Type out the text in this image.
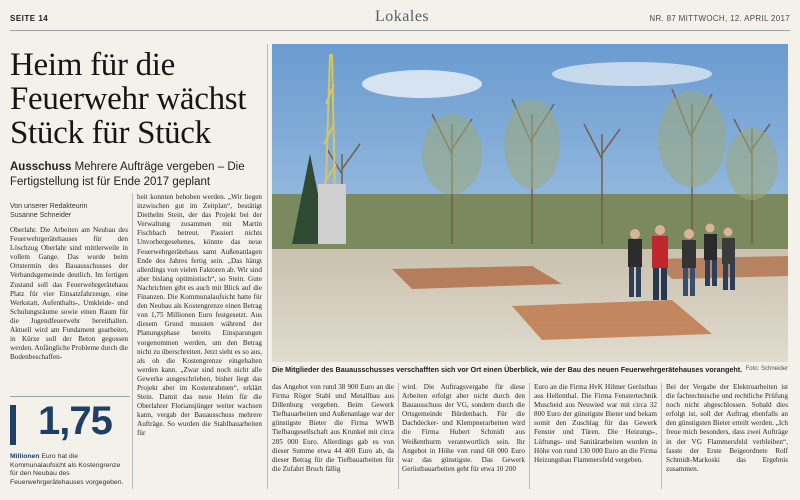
SEITE 14	Lokales	NR. 87 MITTWOCH, 12. APRIL 2017
Heim für die
Feuerwehr wächst
Stück für Stück
Ausschuss Mehrere Aufträge vergeben – Die Fertigstellung ist für Ende 2017 geplant
Von unserer Redakteurin
Susanne Schneider

Oberlahr. Die Arbeiten am Neubau des Feuerwehrgerätehauses für den Löschzug Oberlahr sind mittlerweile in vollem Gange. Das wurde beim Ortstermin des Bauausschusses der Verbandsgemeinde deutlich. Im fertigen Zustand soll das Feuerwehrgerätehaus Platz für vier Einsatzfahrzeuge, eine Werkstatt, Aufenthalts-, Umkleide- und Schulungsräume sowie einen Raum für die Jugendfeuerwehr bereithalten. Aktuell wird am Fundament gearbeitet, in Kürze soll der Beton gegossen werden. Anfängliche Probleme durch die Bodenbeschaffen-

heit konnten behoben werden. „Wir liegen inzwischen gut im Zeitplan“, bestätigt Diethelm Stein, der das Projekt bei der Verwaltung zusammen mit Martin Fischbach betreut. Passiert nichts Unvorhergesehenes, könnte das neue Feuerwehrgerätehaus samt Außenanlagen Ende des Jahres fertig sein. „Das hängt allerdings von vielen Faktoren ab. Wir sind aber bislang optimistisch“, so Stein. Gute Nachrichten gibt es auch mit Blick auf die Finanzen. Die Kommunalaufsicht hatte für den Neubau als Kostengrenze einen Betrag von 1,75 Millionen Euro festgesetzt. Aus diesem Grund mussten während der Planungsphase bereits Einsparungen vorgenommen werden, um den Betrag nicht zu überschreiten. Jetzt sieht es so aus, als ob die Kostengrenze eingehalten werden kann. „Zwar sind noch nicht alle Gewerke ausgeschrieben, bisher liegt das Projekt aber im Kostenrahmen“, erklärt Stein. Damit das neue Heim für die Oberlahrer Floriansjünger weiter wachsen kann, vergab der Bauausschuss mehrere Aufträge. So wurden die Stahlbauarbeiten für

das Angebot von rund 38 900 Euro an die Firma Röger Stahl und Metallbau aus Dillenburg vergeben. Beim Gewerk Tiefbauarbeiten und Außenanlage war der günstigste Bieter die Firma WWB Tiefbaugesellschaft aus Krunkel mit circa 285 000 Euro. Allerdings gab es von dieser Summe etwa 44 400 Euro ab, da dieser Betrag für die Tiefbauarbeiten für die Zufahrt Bruch fällig

wird. Die Auftragsvergabe für diese Arbeiten erfolgt aber nicht durch den Bauausschuss der VG, sondern durch die Ortsgemeinde Bürdenbach. Für die Dachdecker- und Klempnerarbeiten wird die Firma Hubert Schmidt aus Weißenthurm verantwortlich sein. Ihr Angebot in Höhe von rund 68 000 Euro war das günstigste. Das Gewerk Gerüstbauarbeiten geht für etwa 10 200

Euro an die Firma HvK Hilmer Gerüstbau aus Hellenthal. Die Firma Fenstertechnik Muscheid aus Neuwied war mit circa 32 800 Euro der günstigste Bieter und bekam somit den Zuschlag für das Gewerk Fenster und Türen. Die Heizungs-, Lüftungs- und Sanitärarbeiten wurden in Höhe von rund 130 000 Euro an die Firma Heizungsbau Flammersfeld vergeben.

Bei der Vergabe der Elektroarbeiten ist die fachtechnische und rechtliche Prüfung noch nicht abgeschlossen. Sobald dies erfolgt ist, soll der Auftrag ebenfalls an den günstigsten Bieter erteilt werden. „Ich freue mich besonders, dass zwei Aufträge in der VG Flammersfeld verbleiben“, fasste der Erste Beigeordnete Rolf Schmidt-Markoski das Ergebnis zusammen.

1,75
Millionen Euro hat die Kommunalaufsicht als Kostengrenze für den Neubau des Feuerwehrgerätehauses vorgegeben.
Die Mitglieder des Bauausschusses verschafften sich vor Ort einen Überblick, wie der Bau des neuen Feuerwehrgerätehauses vorangeht. Foto: Schneider
